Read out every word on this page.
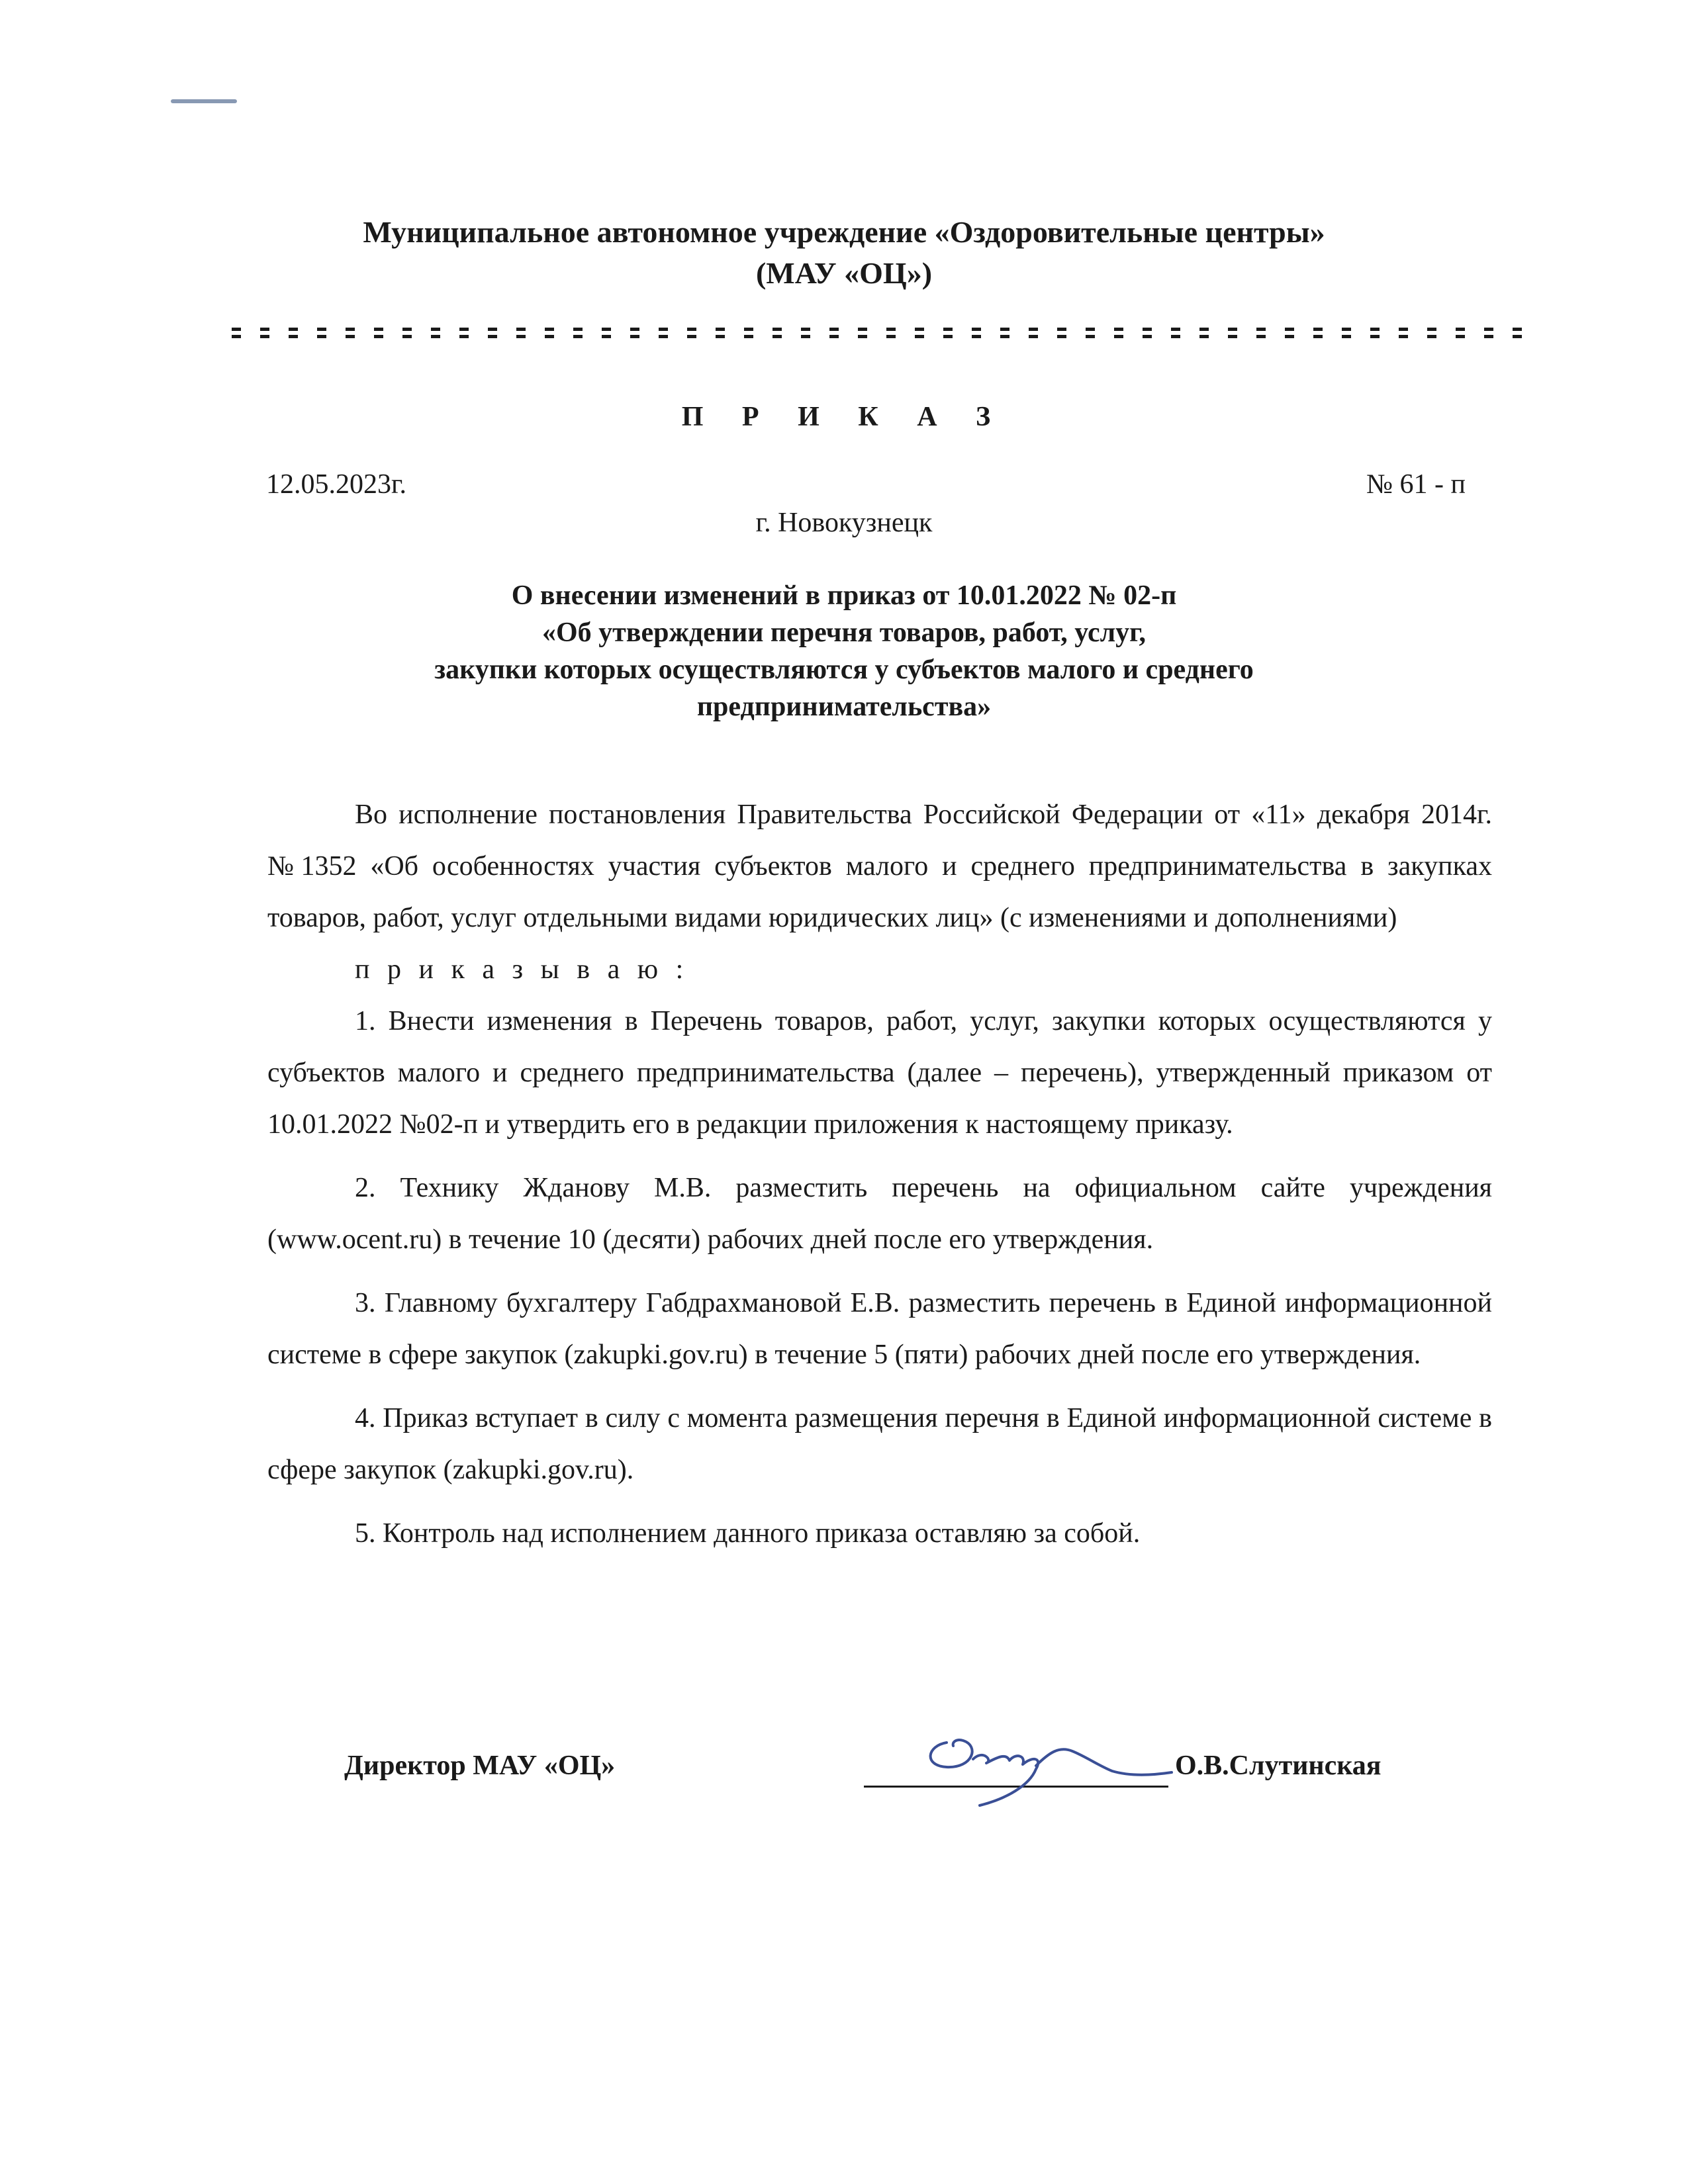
Муниципальное автономное учреждение «Оздоровительные центры»
(МАУ «ОЦ»)
П Р И К А З
12.05.2023г.	№ 61 - п
г. Новокузнецк
О внесении изменений в приказ от 10.01.2022 № 02-п
«Об утверждении перечня товаров, работ, услуг,
закупки которых осуществляются у субъектов малого и среднего
предпринимательства»

Во исполнение постановления Правительства Российской Федерации от «11» декабря 2014г. №1352 «Об особенностях участия субъектов малого и среднего предпринимательства в закупках товаров, работ, услуг отдельными видами юридических лиц» (с изменениями и дополнениями)

п р и к а з ы в а ю :

1. Внести изменения в Перечень товаров, работ, услуг, закупки которых осуществляются у субъектов малого и среднего предпринимательства (далее – перечень), утвержденный приказом от 10.01.2022 №02-п и утвердить его в редакции приложения к настоящему приказу.

2. Технику Жданову М.В. разместить перечень на официальном сайте учреждения (www.ocent.ru) в течение 10 (десяти) рабочих дней после его утверждения.

3. Главному бухгалтеру Габдрахмановой Е.В. разместить перечень в Единой информационной системе в сфере закупок (zakupki.gov.ru) в течение 5 (пяти) рабочих дней после его утверждения.

4. Приказ вступает в силу с момента размещения перечня в Единой информационной системе в сфере закупок (zakupki.gov.ru).

5. Контроль над исполнением данного приказа оставляю за собой.

Директор МАУ «ОЦ»	О.В.Слутинская
